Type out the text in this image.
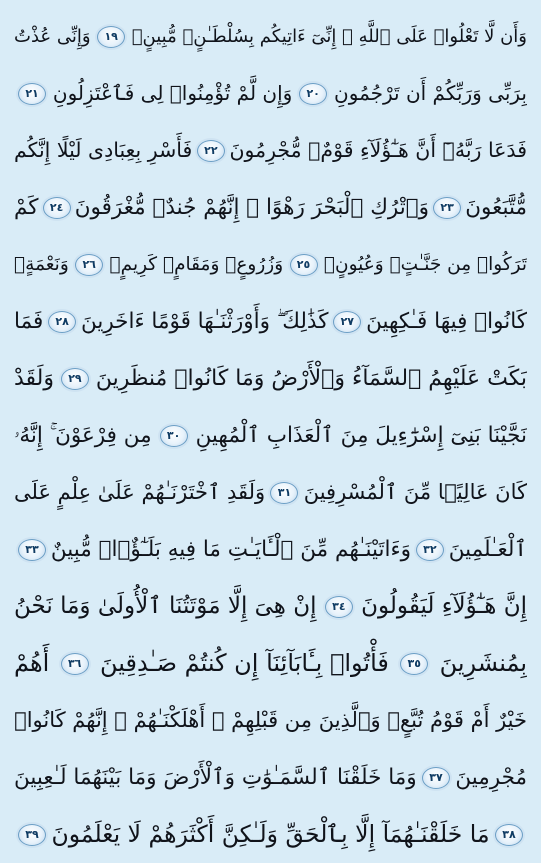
وَأَن لَّا تَعْلُوا۟ عَلَى ٱللَّهِ ۖ إِنِّىٓ ءَاتِيكُم بِسُلْطَـٰنٍۢ مُّبِينٍۢ
١٩
وَإِنِّى عُذْتُ
بِرَبِّى وَرَبِّكُمْ أَن تَرْجُمُونِ
٢٠
وَإِن لَّمْ تُؤْمِنُوا۟ لِى فَٱعْتَزِلُونِ
٢١
فَدَعَا رَبَّهُۥٓ أَنَّ هَـٰٓؤُلَآءِ قَوْمٌۭ مُّجْرِمُونَ
٢٢
فَأَسْرِ بِعِبَادِى لَيْلًا إِنَّكُم
مُّتَّبَعُونَ
٢٣
وَٱتْرُكِ ٱلْبَحْرَ رَهْوًا ۖ إِنَّهُمْ جُندٌۭ مُّغْرَقُونَ
٢٤
كَمْ
تَرَكُوا۟ مِن جَنَّـٰتٍۢ وَعُيُونٍۢ
٢٥
وَزُرُوعٍۢ وَمَقَامٍۢ كَرِيمٍۢ
٢٦
وَنَعْمَةٍۢ
كَانُوا۟ فِيهَا فَـٰكِهِينَ
٢٧
كَذَٰلِكَ ۖ وَأَوْرَثْنَـٰهَا قَوْمًا ءَاخَرِينَ
٢٨
فَمَا
بَكَتْ عَلَيْهِمُ ٱلسَّمَآءُ وَٱلْأَرْضُ وَمَا كَانُوا۟ مُنظَرِينَ
٢٩
وَلَقَدْ
نَجَّيْنَا بَنِىٓ إِسْرَٰٓءِيلَ مِنَ ٱلْعَذَابِ ٱلْمُهِينِ
٣٠
مِن فِرْعَوْنَ ۚ إِنَّهُۥ
كَانَ عَالِيًۭا مِّنَ ٱلْمُسْرِفِينَ
٣١
وَلَقَدِ ٱخْتَرْنَـٰهُمْ عَلَىٰ عِلْمٍ عَلَى
ٱلْعَـٰلَمِينَ
٣٢
وَءَاتَيْنَـٰهُم مِّنَ ٱلْـَٔايَـٰتِ مَا فِيهِ بَلَـٰٓؤٌۭا۟ مُّبِينٌ
٣٣
إِنَّ هَـٰٓؤُلَآءِ لَيَقُولُونَ
٣٤
إِنْ هِىَ إِلَّا مَوْتَتُنَا ٱلْأُولَىٰ وَمَا نَحْنُ
بِمُنشَرِينَ
٣٥
فَأْتُوا۟ بِـَٔابَآئِنَآ إِن كُنتُمْ صَـٰدِقِينَ
٣٦
أَهُمْ
خَيْرٌ أَمْ قَوْمُ تُبَّعٍۢ وَٱلَّذِينَ مِن قَبْلِهِمْ ۚ أَهْلَكْنَـٰهُمْ ۖ إِنَّهُمْ كَانُوا۟
مُجْرِمِينَ
٣٧
وَمَا خَلَقْنَا ٱلسَّمَـٰوَٰتِ وَٱلْأَرْضَ وَمَا بَيْنَهُمَا لَـٰعِبِينَ
٣٨
مَا خَلَقْنَـٰهُمَآ إِلَّا بِٱلْحَقِّ وَلَـٰكِنَّ أَكْثَرَهُمْ لَا يَعْلَمُونَ
٣٩
